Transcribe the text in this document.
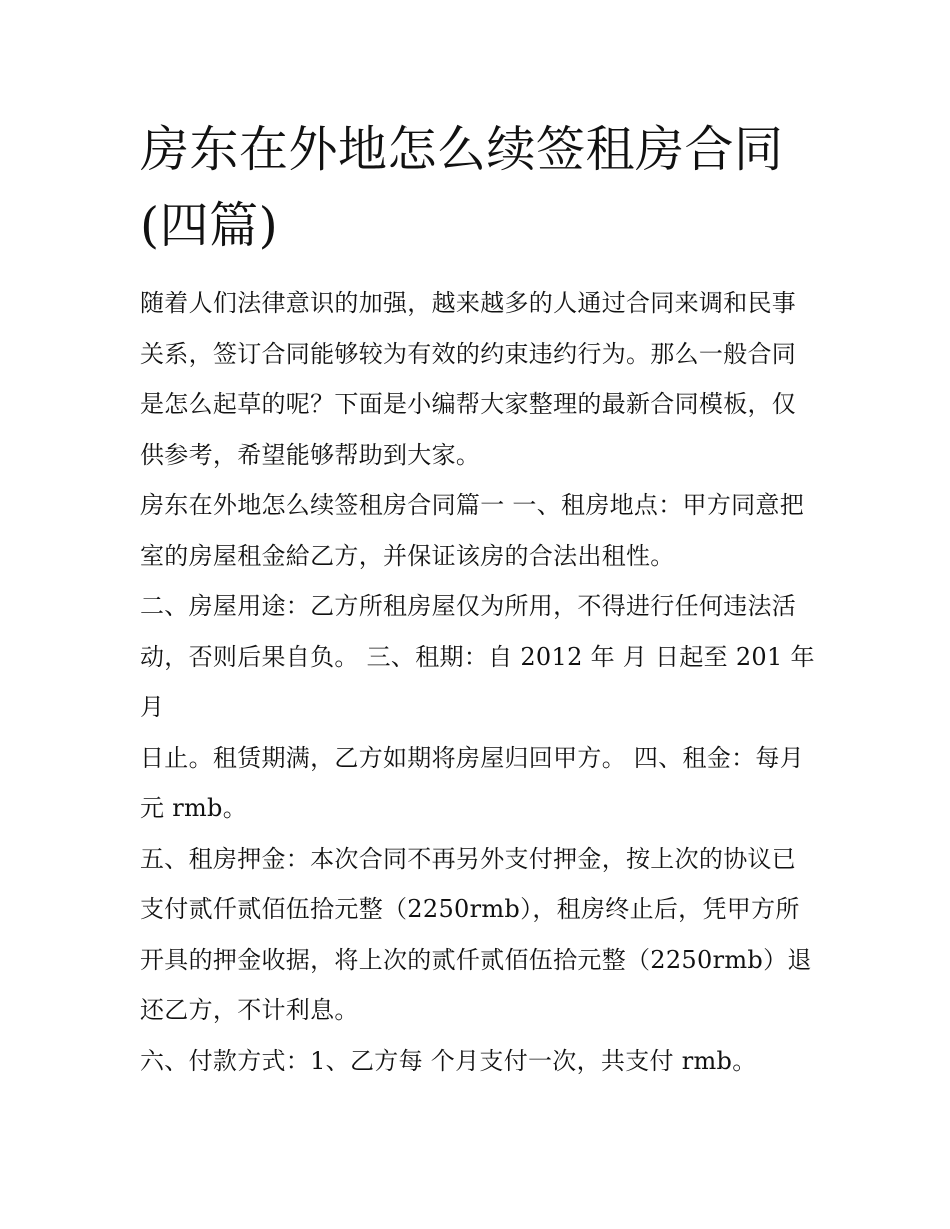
房东在外地怎么续签租房合同
(四篇)

随着人们法律意识的加强，越来越多的人通过合同来调和民事关系，签订合同能够较为有效的约束违约行为。那么一般合同是怎么起草的呢？下面是小编帮大家整理的最新合同模板，仅供参考，希望能够帮助到大家。

房东在外地怎么续签租房合同篇一 一、租房地点：甲方同意把室的房屋租金給乙方，并保证该房的合法出租性。

二、房屋用途：乙方所租房屋仅为所用，不得进行任何违法活动，否则后果自负。 三、租期：自 2012 年 月 日起至 201 年

月

日止。租赁期满，乙方如期将房屋归回甲方。 四、租金：每月 元 rmb。

五、租房押金：本次合同不再另外支付押金，按上次的协议已支付贰仟贰佰伍拾元整（2250rmb），租房终止后，凭甲方所开具的押金收据，将上次的贰仟贰佰伍拾元整（2250rmb）退还乙方，不计利息。

六、付款方式：1、乙方每 个月支付一次，共支付 rmb。
